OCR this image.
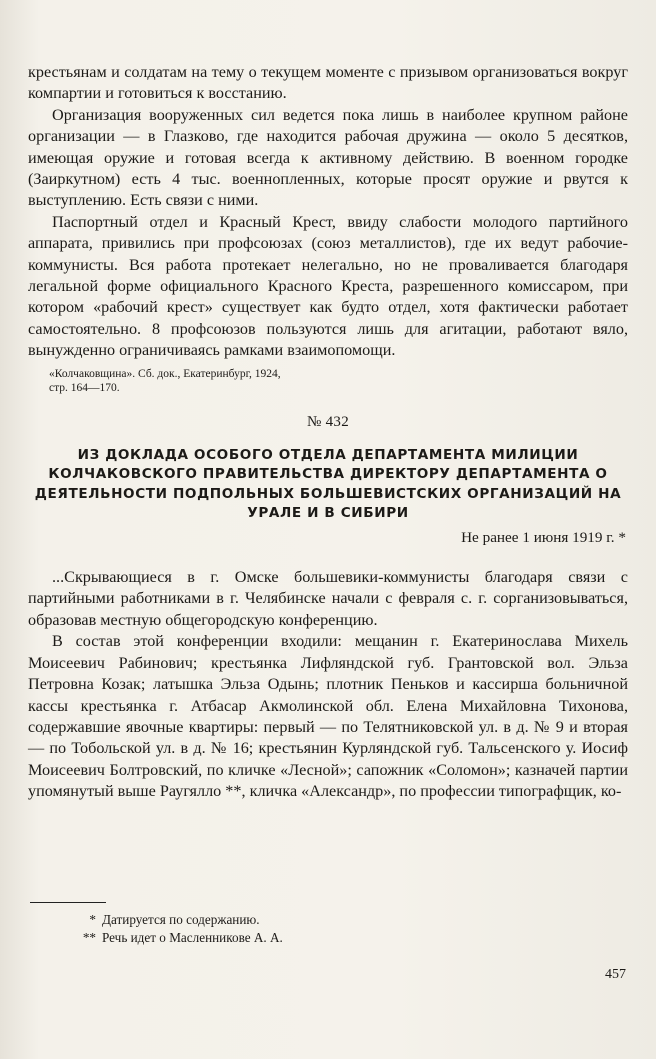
крестьянам и солдатам на тему о текущем моменте с призывом организоваться вокруг компартии и готовиться к восстанию.

Организация вооруженных сил ведется пока лишь в наиболее крупном районе организации — в Глазково, где находится рабочая дружина — около 5 десятков, имеющая оружие и готовая всегда к активному действию. В военном городке (Заиркутном) есть 4 тыс. военнопленных, которые просят оружие и рвутся к выступлению. Есть связи с ними.

Паспортный отдел и Красный Крест, ввиду слабости молодого партийного аппарата, привились при профсоюзах (союз металлистов), где их ведут рабочие-коммунисты. Вся работа протекает нелегально, но не проваливается благодаря легальной форме официального Красного Креста, разрешенного комиссаром, при котором «рабочий крест» существует как будто отдел, хотя фактически работает самостоятельно. 8 профсоюзов пользуются лишь для агитации, работают вяло, вынужденно ограничиваясь рамками взаимопомощи.

«Колчаковщина». Сб. док., Екатеринбург, 1924, стр. 164—170.
№ 432
ИЗ ДОКЛАДА ОСОБОГО ОТДЕЛА ДЕПАРТАМЕНТА МИЛИЦИИ КОЛЧАКОВСКОГО ПРАВИТЕЛЬСТВА ДИРЕКТОРУ ДЕПАРТАМЕНТА О ДЕЯТЕЛЬНОСТИ ПОДПОЛЬНЫХ БОЛЬШЕВИСТСКИХ ОРГАНИЗАЦИЙ НА УРАЛЕ И В СИБИРИ
Не ранее 1 июня 1919 г. *

...Скрывающиеся в г. Омске большевики-коммунисты благодаря связи с партийными работниками в г. Челябинске начали с февраля с. г. сорганизовываться, образовав местную общегородскую конференцию.

В состав этой конференции входили: мещанин г. Екатеринослава Михель Моисеевич Рабинович; крестьянка Лифляндской губ. Грантовской вол. Эльза Петровна Козак; латышка Эльза Одынь; плотник Пеньков и кассирша больничной кассы крестьянка г. Атбасар Акмолинской обл. Елена Михайловна Тихонова, содержавшие явочные квартиры: первый — по Телятниковской ул. в д. № 9 и вторая — по Тобольской ул. в д. № 16; крестьянин Курляндской губ. Тальсенского у. Иосиф Моисеевич Болтровский, по кличке «Лесной»; сапожник «Соломон»; казначей партии упомянутый выше Раугялло **, кличка «Александр», по профессии типографщик, ко-

* Датируется по содержанию.
** Речь идет о Масленникове А. А.
457
